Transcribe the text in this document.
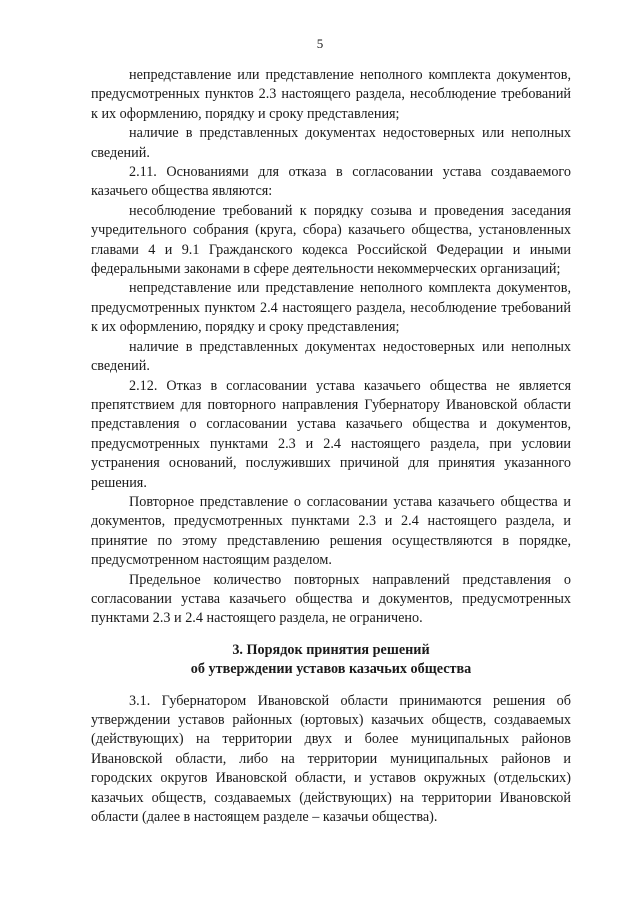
5

непредставление или представление неполного комплекта документов, предусмотренных пунктов 2.3 настоящего раздела, несоблюдение требований к их оформлению, порядку и сроку представления;

наличие в представленных документах недостоверных или неполных сведений.

2.11. Основаниями для отказа в согласовании устава создаваемого казачьего общества являются:

несоблюдение требований к порядку созыва и проведения заседания учредительного собрания (круга, сбора) казачьего общества, установленных главами 4 и 9.1 Гражданского кодекса Российской Федерации и иными федеральными законами в сфере деятельности некоммерческих организаций;

непредставление или представление неполного комплекта документов, предусмотренных пунктом 2.4 настоящего раздела, несоблюдение требований к их оформлению, порядку и сроку представления;

наличие в представленных документах недостоверных или неполных сведений.

2.12. Отказ в согласовании устава казачьего общества не является препятствием для повторного направления Губернатору Ивановской области представления о согласовании устава казачьего общества и документов, предусмотренных пунктами 2.3 и 2.4 настоящего раздела, при условии устранения оснований, послуживших причиной для принятия указанного решения.

Повторное представление о согласовании устава казачьего общества и документов, предусмотренных пунктами 2.3 и 2.4 настоящего раздела, и принятие по этому представлению решения осуществляются в порядке, предусмотренном настоящим разделом.

Предельное количество повторных направлений представления о согласовании устава казачьего общества и документов, предусмотренных пунктами 2.3 и 2.4 настоящего раздела, не ограничено.

3. Порядок принятия решений
об утверждении уставов казачьих общества

3.1. Губернатором Ивановской области принимаются решения об утверждении уставов районных (юртовых) казачьих обществ, создаваемых (действующих) на территории двух и более муниципальных районов Ивановской области, либо на территории муниципальных районов и городских округов Ивановской области, и уставов окружных (отдельских) казачьих обществ, создаваемых (действующих) на территории Ивановской области (далее в настоящем разделе – казачьи общества).
